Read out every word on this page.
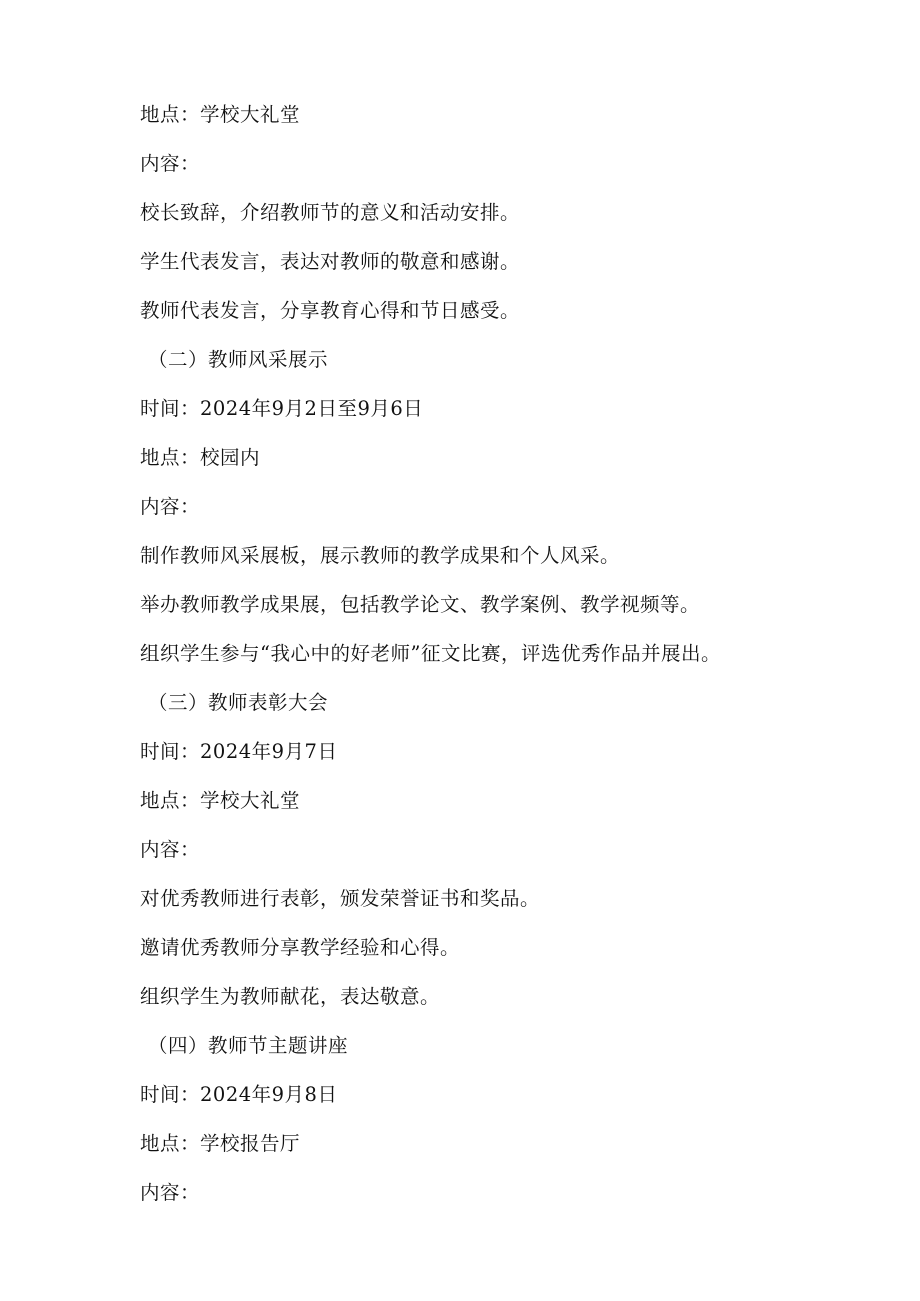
地点：学校大礼堂
内容：
校长致辞，介绍教师节的意义和活动安排。
学生代表发言，表达对教师的敬意和感谢。
教师代表发言，分享教育心得和节日感受。
（二）教师风采展示
时间：2024年9月2日至9月6日
地点：校园内
内容：
制作教师风采展板，展示教师的教学成果和个人风采。
举办教师教学成果展，包括教学论文、教学案例、教学视频等。
组织学生参与“我心中的好老师”征文比赛，评选优秀作品并展出。
（三）教师表彰大会
时间：2024年9月7日
地点：学校大礼堂
内容：
对优秀教师进行表彰，颁发荣誉证书和奖品。
邀请优秀教师分享教学经验和心得。
组织学生为教师献花，表达敬意。
（四）教师节主题讲座
时间：2024年9月8日
地点：学校报告厅
内容：
